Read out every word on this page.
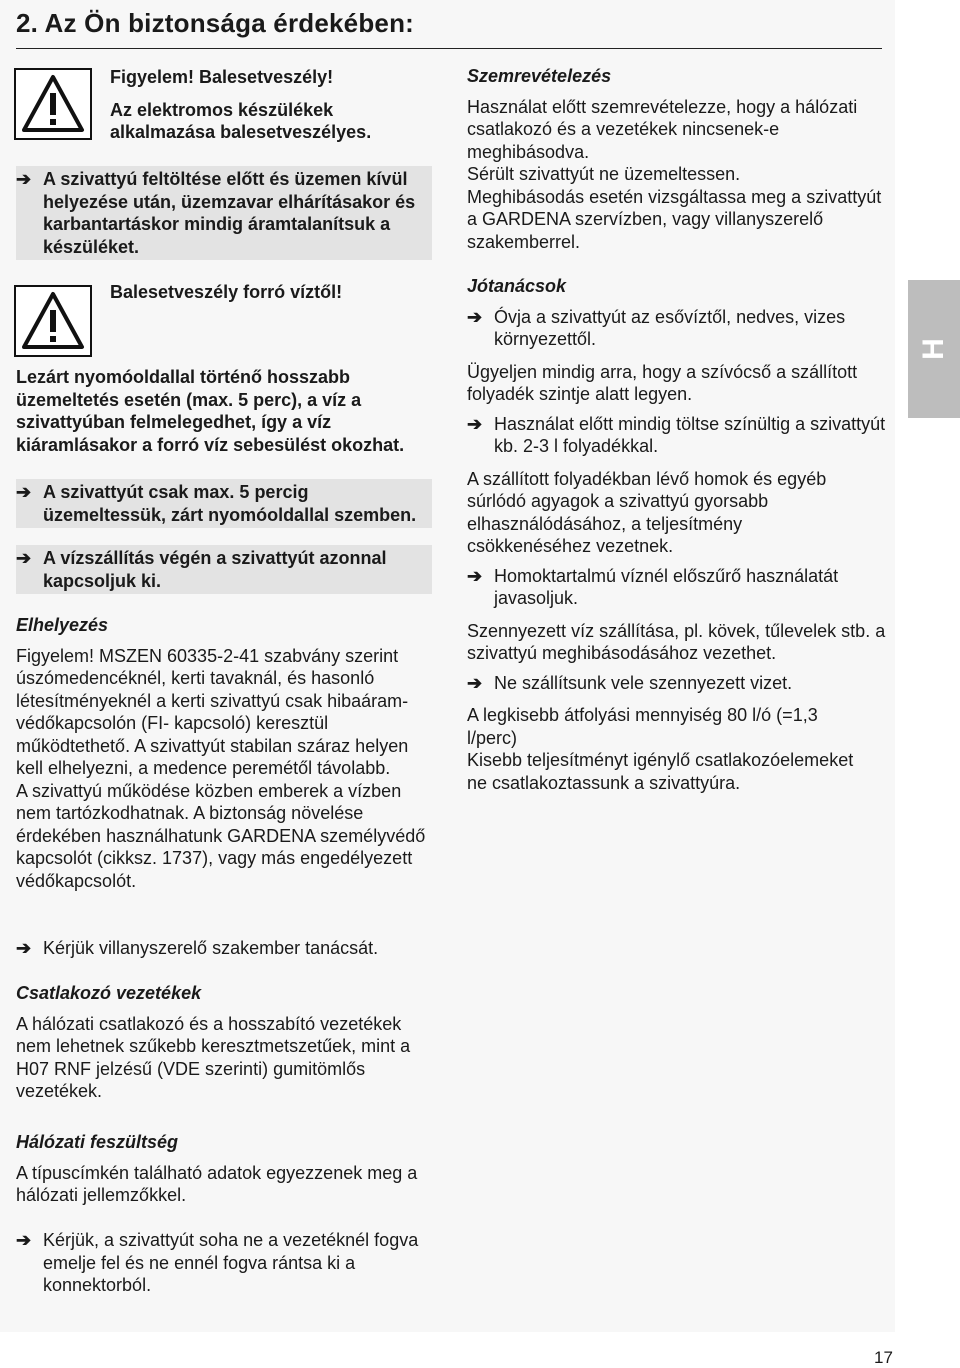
2. Az Ön biztonsága érdekében:

Figyelem! Balesetveszély!

Az elektromos készülékek alkalmazása balesetveszélyes.

➔ A szivattyú feltöltése előtt és üzemen kívül helyezése után, üzemzavar elhárításakor és karbantartáskor mindig áramtalanítsuk a készüléket.

Balesetveszély forró víztől!

Lezárt nyomóoldallal történő hosszabb üzemeltetés esetén (max. 5 perc), a víz a szivattyúban felmelegedhet, így a víz kiáramlásakor a forró víz sebesülést okozhat.

➔ A szivattyút csak max. 5 percig üzemeltessük, zárt nyomóoldallal szemben.

➔ A vízszállítás végén a szivattyút azonnal kapcsoljuk ki.

Elhelyezés

Figyelem! MSZEN 60335-2-41 szabvány szerint úszómedencéknél, kerti tavaknál, és hasonló létesítményeknél a kerti szivattyú csak hibaáram-védőkapcsolón (FI- kapcsoló) keresztül működtethető. A szivattyút stabilan száraz helyen kell elhelyezni, a medence peremétől távolabb.
A szivattyú működése közben emberek a vízben nem tartózkodhatnak. A biztonság növelése érdekében használhatunk GARDENA személyvédő kapcsolót (cikksz. 1737), vagy más engedélyezett védőkapcsolót.

➔ Kérjük villanyszerelő szakember tanácsát.

Csatlakozó vezetékek

A hálózati csatlakozó és a hosszabító vezetékek nem lehetnek szűkebb keresztmetszetűek, mint a H07 RNF jelzésű (VDE szerinti) gumitömlős vezetékek.

Hálózati feszültség

A típuscímkén található adatok egyezzenek meg a hálózati jellemzőkkel.

➔ Kérjük, a szivattyút soha ne a vezetéknél fogva emelje fel és ne ennél fogva rántsa ki a konnektorból.

Szemrevételezés

Használat előtt szemrevételezze, hogy a hálózati csatlakozó és a vezetékek nincsenek-e meghibásodva.
Sérült szivattyút ne üzemeltessen.
Meghibásodás esetén vizsgáltassa meg a szivattyút a GARDENA szervízben, vagy villanyszerelő szakemberrel.

Jótanácsok

➔ Óvja a szivattyút az esővíztől, nedves, vizes környezettől.

Ügyeljen mindig arra, hogy a szívócső a szállított folyadék szintje alatt legyen.

➔ Használat előtt mindig töltse színültig a szivattyút kb. 2-3 l folyadékkal.

A szállított folyadékban lévő homok és egyéb súrlódó agyagok a szivattyú gyorsabb elhasználódásához, a teljesítmény csökkenéséhez vezetnek.

➔ Homoktartalmú víznél előszűrő használatát javasoljuk.

Szennyezett víz szállítása, pl. kövek, tűlevelek stb. a szivattyú meghibásodásához vezethet.

➔ Ne szállítsunk vele szennyezett vizet.

A legkisebb átfolyási mennyiség 80 l/ó (=1,3 l/perc)
Kisebb teljesítményt igénylő csatlakozóelemeket ne csatlakoztassunk a szivattyúra.

H
17
